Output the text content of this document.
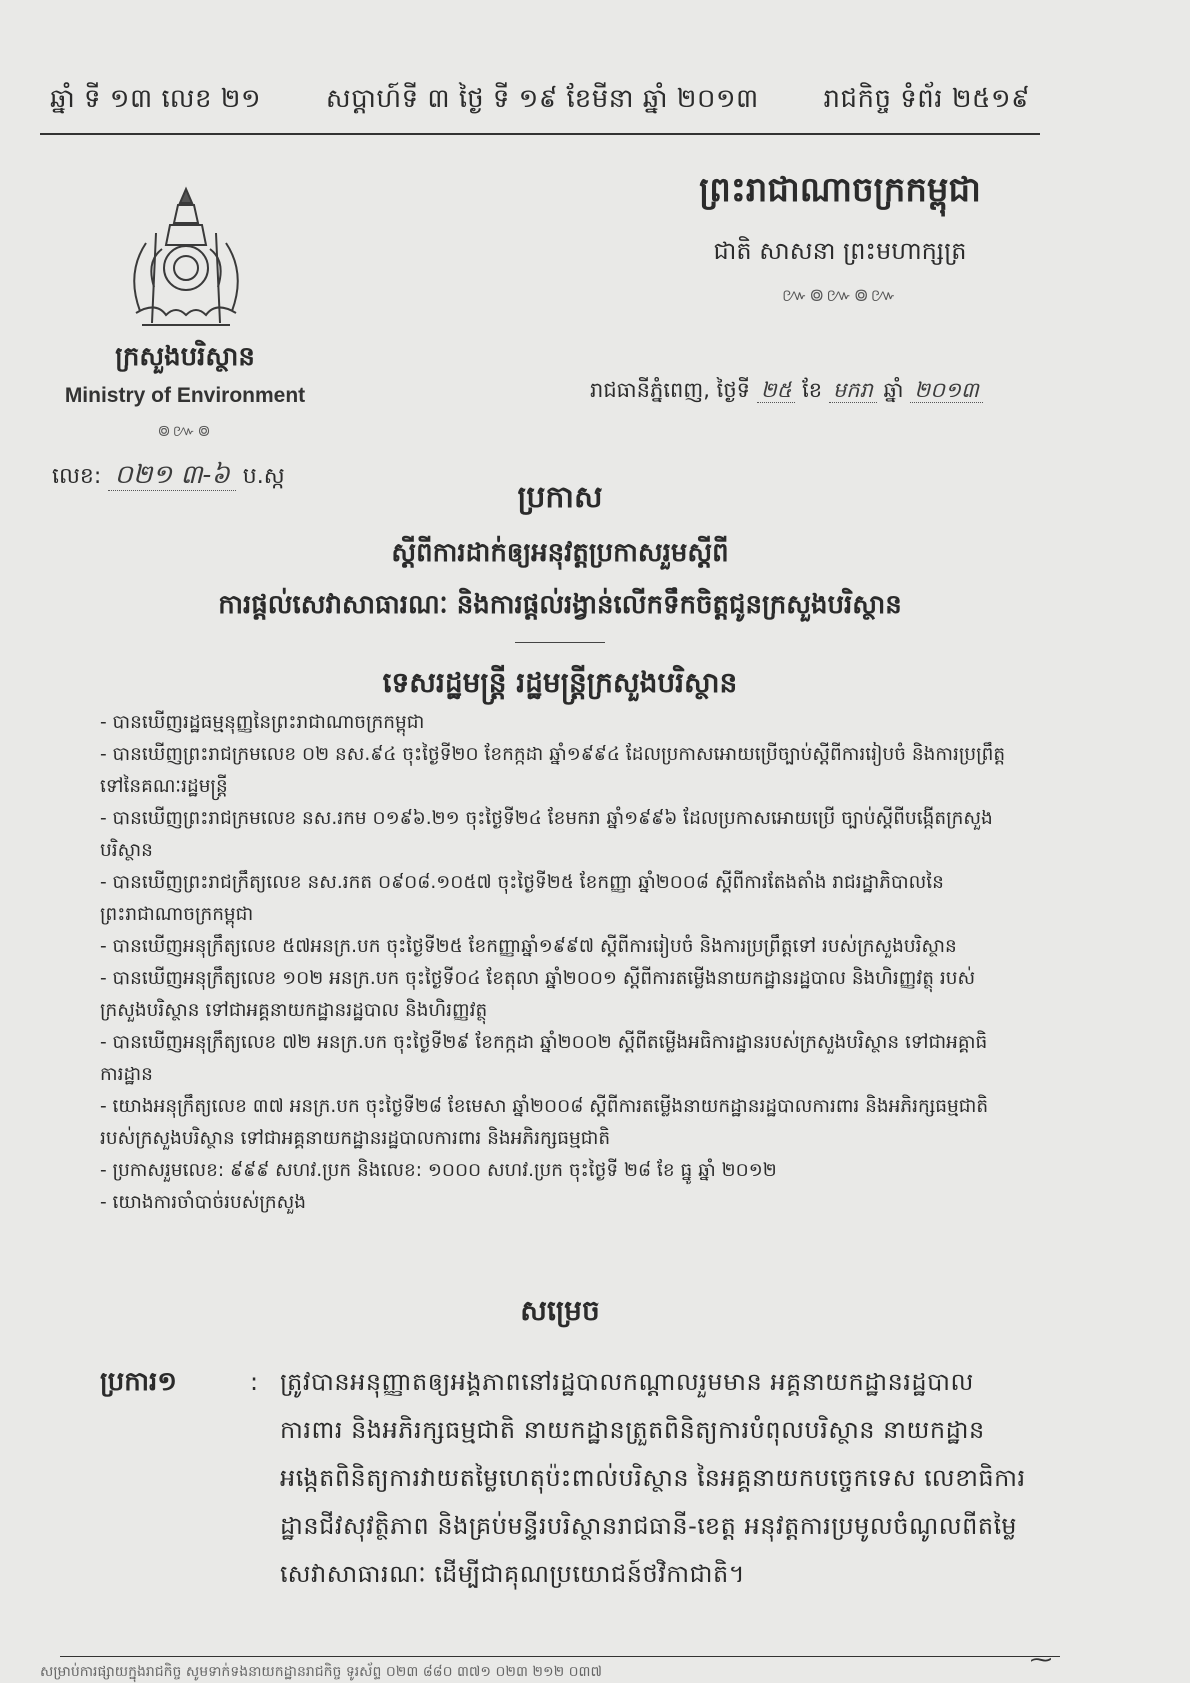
ឆ្នាំ ទី ១៣ លេខ ២១ សប្តាហ៍ទី ៣ ថ្ងៃ ទី ១៩ ខែមីនា ឆ្នាំ ២០១៣ រាជកិច្ច ទំព័រ ២៥១៩
ព្រះរាជាណាចក្រកម្ពុជា
ជាតិ សាសនា ព្រះមហាក្សត្រ
៚៙៚៙៚
ក្រសួងបរិស្ថាន
Ministry of Environment
៙៚៙
លេខ: ០២១ ៣-៦ ប.ស្ក
រាជធានីភ្នំពេញ, ថ្ងៃទី ២៥ ខែ មករា ឆ្នាំ ២០១៣
ប្រកាស
ស្តីពីការដាក់ឲ្យអនុវត្តប្រកាសរួមស្តីពី
ការផ្តល់សេវាសាធារណៈ និងការផ្តល់រង្វាន់លើកទឹកចិត្តជូនក្រសួងបរិស្ថាន
ទេសរដ្ឋមន្ត្រី រដ្ឋមន្ត្រីក្រសួងបរិស្ថាន

- បានឃើញរដ្ឋធម្មនុញ្ញនៃព្រះរាជាណាចក្រកម្ពុជា

- បានឃើញព្រះរាជក្រមលេខ ០២ នស.៩៤ ចុះថ្ងៃទី២០ ខែកក្កដា ឆ្នាំ១៩៩៤ ដែលប្រកាសអោយប្រើច្បាប់ស្តីពីការរៀបចំ និងការប្រព្រឹត្តទៅនៃគណៈរដ្ឋមន្ត្រី

- បានឃើញព្រះរាជក្រមលេខ នស.រកម ០១៩៦.២១ ចុះថ្ងៃទី២៤ ខែមករា ឆ្នាំ១៩៩៦ ដែលប្រកាសអោយប្រើ ច្បាប់ស្តីពីបង្កើតក្រសួងបរិស្ថាន

- បានឃើញព្រះរាជក្រឹត្យលេខ នស.រកត ០៩០៨.១០៥៧ ចុះថ្ងៃទី២៥ ខែកញ្ញា ឆ្នាំ២០០៨ ស្តីពីការតែងតាំង រាជរដ្ឋាភិបាលនៃព្រះរាជាណាចក្រកម្ពុជា

- បានឃើញអនុក្រឹត្យលេខ ៥៧អនក្រ.បក ចុះថ្ងៃទី២៥ ខែកញ្ញាឆ្នាំ១៩៩៧ ស្តីពីការរៀបចំ និងការប្រព្រឹត្តទៅ របស់ក្រសួងបរិស្ថាន

- បានឃើញអនុក្រឹត្យលេខ ១០២ អនក្រ.បក ចុះថ្ងៃទី០៤ ខែតុលា ឆ្នាំ២០០១ ស្តីពីការតម្លើងនាយកដ្ឋានរដ្ឋបាល និងហិរញ្ញវត្ថុ របស់ក្រសួងបរិស្ថាន ទៅជាអគ្គនាយកដ្ឋានរដ្ឋបាល និងហិរញ្ញវត្ថុ

- បានឃើញអនុក្រឹត្យលេខ ៧២ អនក្រ.បក ចុះថ្ងៃទី២៩ ខែកក្កដា ឆ្នាំ២០០២ ស្តីពីតម្លើងអធិការដ្ឋានរបស់ក្រសួងបរិស្ថាន ទៅជាអគ្គាធិការដ្ឋាន

- យោងអនុក្រឹត្យលេខ ៣៧ អនក្រ.បក ចុះថ្ងៃទី២៨ ខែមេសា ឆ្នាំ២០០៨ ស្តីពីការតម្លើងនាយកដ្ឋានរដ្ឋបាលការពារ និងអភិរក្សធម្មជាតិរបស់ក្រសួងបរិស្ថាន ទៅជាអគ្គនាយកដ្ឋានរដ្ឋបាលការពារ និងអភិរក្សធម្មជាតិ

- ប្រកាសរួមលេខ: ៩៩៩ សហវ.ប្រក និងលេខ: ១០០០ សហវ.ប្រក ចុះថ្ងៃទី ២៨ ខែ ធ្នូ ឆ្នាំ ២០១២

- យោងការចាំបាច់របស់ក្រសួង

សម្រេច
ប្រការ១	: ត្រូវបានអនុញ្ញាតឲ្យអង្គភាពនៅរដ្ឋបាលកណ្តាលរួមមាន អគ្គនាយកដ្ឋានរដ្ឋបាលការពារ និងអភិរក្សធម្មជាតិ នាយកដ្ឋានត្រួតពិនិត្យការបំពុលបរិស្ថាន នាយកដ្ឋានអង្កេតពិនិត្យការវាយតម្លៃហេតុប៉ះពាល់បរិស្ថាន នៃអគ្គនាយកបច្ចេកទេស លេខាធិការដ្ឋានជីវសុវត្ថិភាព និងគ្រប់មន្ទីរបរិស្ថានរាជធានី-ខេត្ត អនុវត្តការប្រមូលចំណូលពីតម្លៃសេវាសាធារណៈ ដើម្បីជាគុណប្រយោជន៍ថវិកាជាតិ។
សម្រាប់ការផ្សាយក្នុងរាជកិច្ច សូមទាក់ទងនាយកដ្ឋានរាជកិច្ច ទូរស័ព្ទ ០២៣ ៨៨០ ៣៧១ ០២៣ ២១២ ០៣៧	⁓
